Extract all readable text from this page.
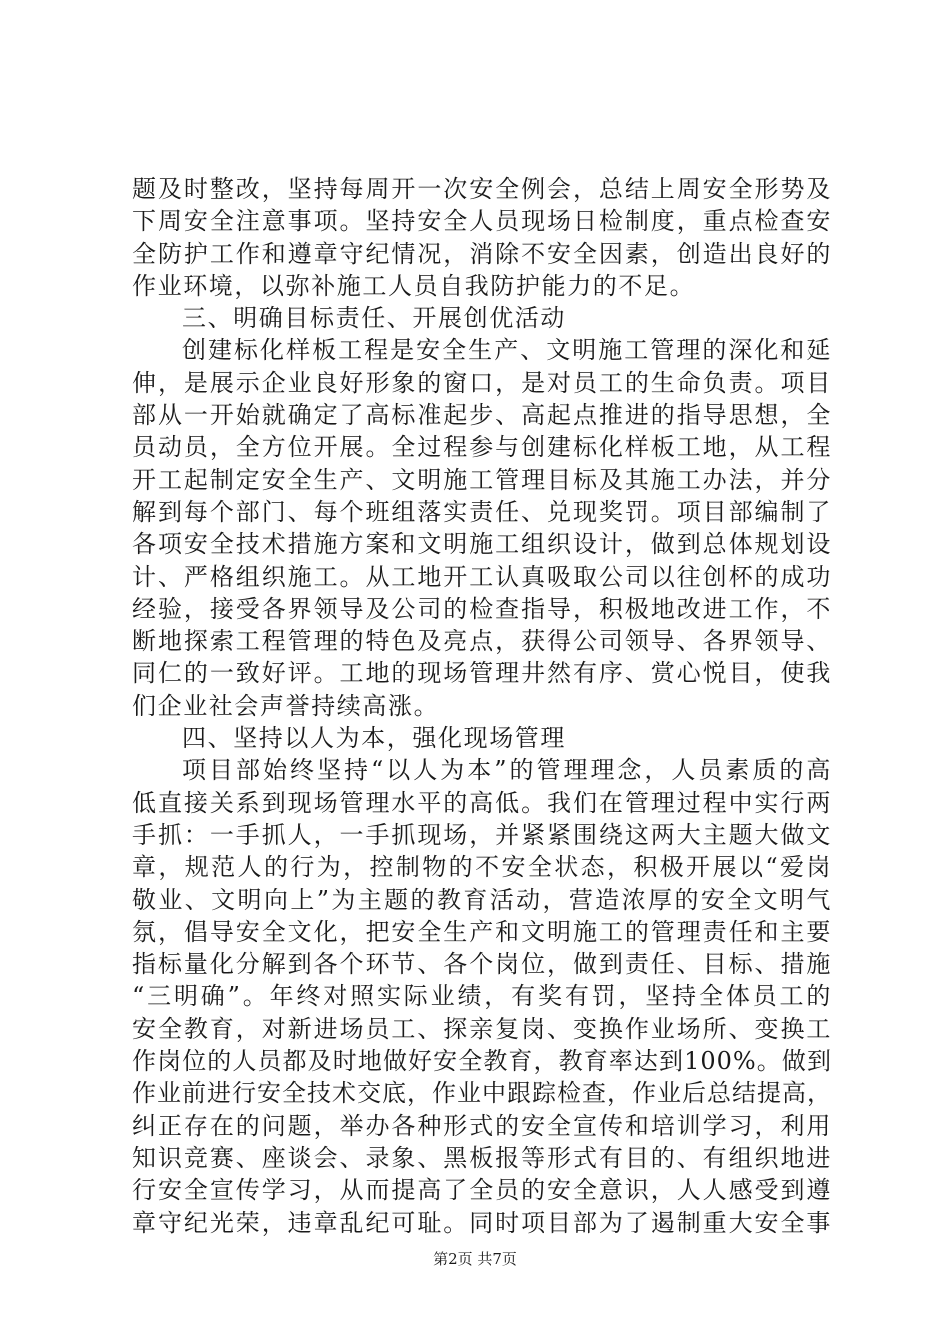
题及时整改，坚持每周开一次安全例会，总结上周安全形势及
下周安全注意事项。坚持安全人员现场日检制度，重点检查安
全防护工作和遵章守纪情况，消除不安全因素，创造出良好的
作业环境，以弥补施工人员自我防护能力的不足。
三、明确目标责任、开展创优活动
创建标化样板工程是安全生产、文明施工管理的深化和延
伸，是展示企业良好形象的窗口，是对员工的生命负责。项目
部从一开始就确定了高标准起步、高起点推进的指导思想，全
员动员，全方位开展。全过程参与创建标化样板工地，从工程
开工起制定安全生产、文明施工管理目标及其施工办法，并分
解到每个部门、每个班组落实责任、兑现奖罚。项目部编制了
各项安全技术措施方案和文明施工组织设计，做到总体规划设
计、严格组织施工。从工地开工认真吸取公司以往创杯的成功
经验，接受各界领导及公司的检查指导，积极地改进工作，不
断地探索工程管理的特色及亮点，获得公司领导、各界领导、
同仁的一致好评。工地的现场管理井然有序、赏心悦目，使我
们企业社会声誉持续高涨。
四、坚持以人为本，强化现场管理
项目部始终坚持“以人为本”的管理理念，人员素质的高
低直接关系到现场管理水平的高低。我们在管理过程中实行两
手抓：一手抓人，一手抓现场，并紧紧围绕这两大主题大做文
章，规范人的行为，控制物的不安全状态，积极开展以“爱岗
敬业、文明向上”为主题的教育活动，营造浓厚的安全文明气
氛，倡导安全文化，把安全生产和文明施工的管理责任和主要
指标量化分解到各个环节、各个岗位，做到责任、目标、措施
“三明确”。年终对照实际业绩，有奖有罚，坚持全体员工的
安全教育，对新进场员工、探亲复岗、变换作业场所、变换工
作岗位的人员都及时地做好安全教育，教育率达到100%。做到
作业前进行安全技术交底，作业中跟踪检查，作业后总结提高，
纠正存在的问题，举办各种形式的安全宣传和培训学习，利用
知识竞赛、座谈会、录象、黑板报等形式有目的、有组织地进
行安全宣传学习，从而提高了全员的安全意识，人人感受到遵
章守纪光荣，违章乱纪可耻。同时项目部为了遏制重大安全事
第2页 共7页
